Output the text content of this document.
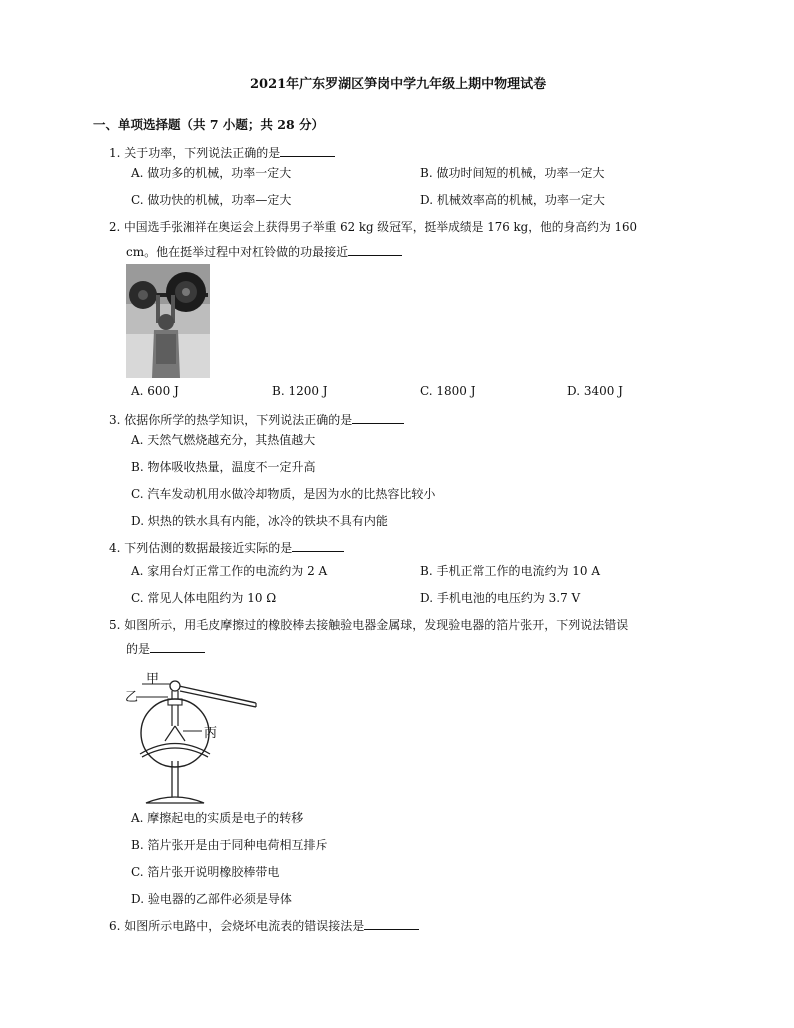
2021年广东罗湖区笋岗中学九年级上期中物理试卷
一、单项选择题（共 7 小题；共 28 分）
1. 关于功率，下列说法正确的是
A. 做功多的机械，功率一定大	B. 做功时间短的机械，功率一定大
C. 做功快的机械，功率—定大	D. 机械效率高的机械，功率一定大
2. 中国选手张湘祥在奥运会上获得男子举重 62 kg 级冠军，挺举成绩是 176 kg，他的身高约为 160
cm。他在挺举过程中对杠铃做的功最接近
A. 600 J	B. 1200 J	C. 1800 J	D. 3400 J
3. 依据你所学的热学知识，下列说法正确的是
A. 天然气燃烧越充分，其热值越大
B. 物体吸收热量，温度不一定升高
C. 汽车发动机用水做冷却物质，是因为水的比热容比较小
D. 炽热的铁水具有内能，冰冷的铁块不具有内能
4. 下列估测的数据最接近实际的是
A. 家用台灯正常工作的电流约为 2 A	B. 手机正常工作的电流约为 10 A
C. 常见人体电阻约为 10 Ω	D. 手机电池的电压约为 3.7 V
5. 如图所示，用毛皮摩擦过的橡胶棒去接触验电器金属球，发现验电器的箔片张开，下列说法错误
的是
甲
乙
丙
A. 摩擦起电的实质是电子的转移
B. 箔片张开是由于同种电荷相互排斥
C. 箔片张开说明橡胶棒带电
D. 验电器的乙部件必须是导体
6. 如图所示电路中，会烧坏电流表的错误接法是
